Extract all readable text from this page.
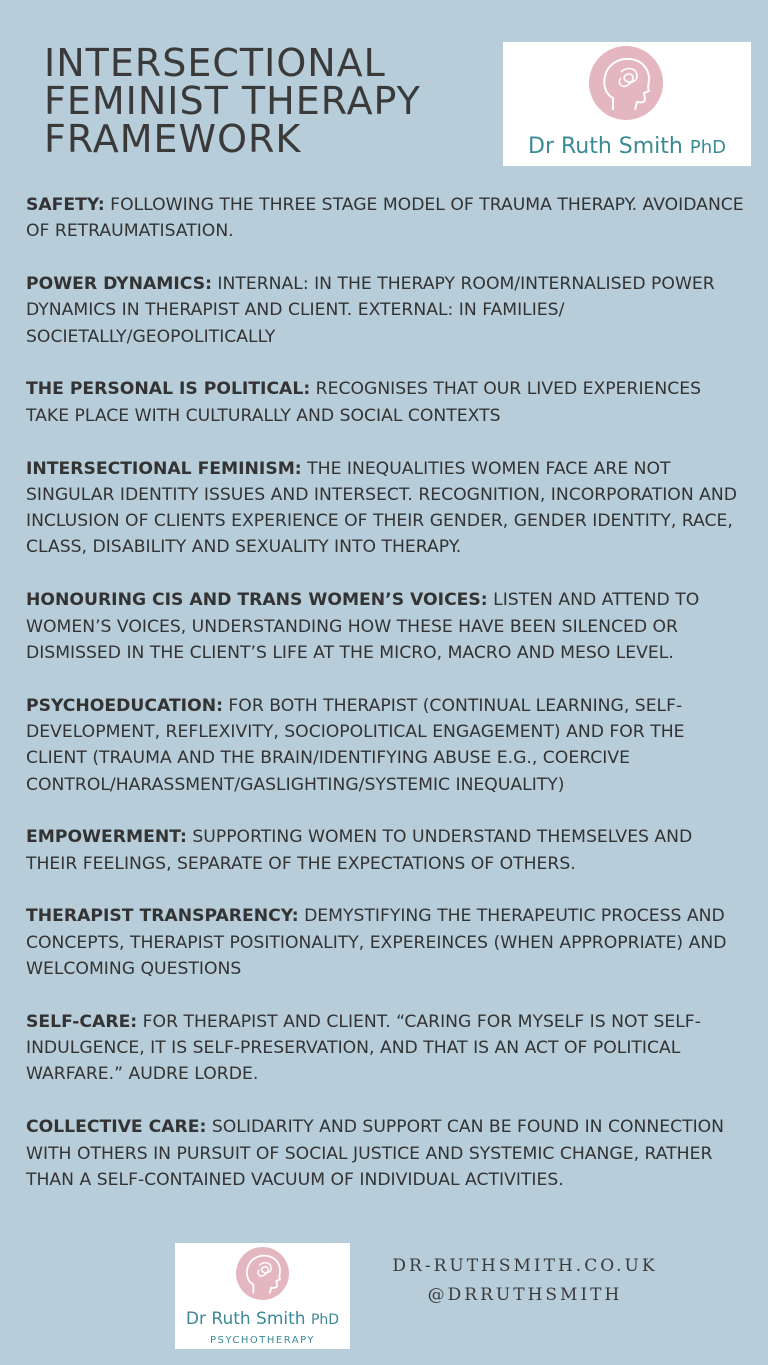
INTERSECTIONAL
FEMINIST THERAPY
FRAMEWORK	Dr Ruth Smith PhD

SAFETY: FOLLOWING THE THREE STAGE MODEL OF TRAUMA THERAPY. AVOIDANCE OF RETRAUMATISATION.

POWER DYNAMICS: INTERNAL: IN THE THERAPY ROOM/INTERNALISED POWER DYNAMICS IN THERAPIST AND CLIENT. EXTERNAL: IN FAMILIES/ SOCIETALLY/GEOPOLITICALLY

THE PERSONAL IS POLITICAL: RECOGNISES THAT OUR LIVED EXPERIENCES TAKE PLACE WITH CULTURALLY AND SOCIAL CONTEXTS

INTERSECTIONAL FEMINISM: THE INEQUALITIES WOMEN FACE ARE NOT SINGULAR IDENTITY ISSUES AND INTERSECT. RECOGNITION, INCORPORATION AND INCLUSION OF CLIENTS EXPERIENCE OF THEIR GENDER, GENDER IDENTITY, RACE, CLASS, DISABILITY AND SEXUALITY INTO THERAPY.

HONOURING CIS AND TRANS WOMEN’S VOICES: LISTEN AND ATTEND TO WOMEN’S VOICES, UNDERSTANDING HOW THESE HAVE BEEN SILENCED OR DISMISSED IN THE CLIENT’S LIFE AT THE MICRO, MACRO AND MESO LEVEL.

PSYCHOEDUCATION: FOR BOTH THERAPIST (CONTINUAL LEARNING, SELF-DEVELOPMENT, REFLEXIVITY, SOCIOPOLITICAL ENGAGEMENT) AND FOR THE CLIENT (TRAUMA AND THE BRAIN/IDENTIFYING ABUSE E.G., COERCIVE CONTROL/HARASSMENT/GASLIGHTING/SYSTEMIC INEQUALITY)

EMPOWERMENT: SUPPORTING WOMEN TO UNDERSTAND THEMSELVES AND THEIR FEELINGS, SEPARATE OF THE EXPECTATIONS OF OTHERS.

THERAPIST TRANSPARENCY: DEMYSTIFYING THE THERAPEUTIC PROCESS AND CONCEPTS, THERAPIST POSITIONALITY, EXPEREINCES (WHEN APPROPRIATE) AND WELCOMING QUESTIONS

SELF-CARE: FOR THERAPIST AND CLIENT. “CARING FOR MYSELF IS NOT SELF-INDULGENCE, IT IS SELF-PRESERVATION, AND THAT IS AN ACT OF POLITICAL WARFARE.” AUDRE LORDE.

COLLECTIVE CARE: SOLIDARITY AND SUPPORT CAN BE FOUND IN CONNECTION WITH OTHERS IN PURSUIT OF SOCIAL JUSTICE AND SYSTEMIC CHANGE, RATHER THAN A SELF-CONTAINED VACUUM OF INDIVIDUAL ACTIVITIES.

Dr Ruth Smith PhD
PSYCHOTHERAPY
DR-RUTHSMITH.CO.UK
@DRRUTHSMITH
